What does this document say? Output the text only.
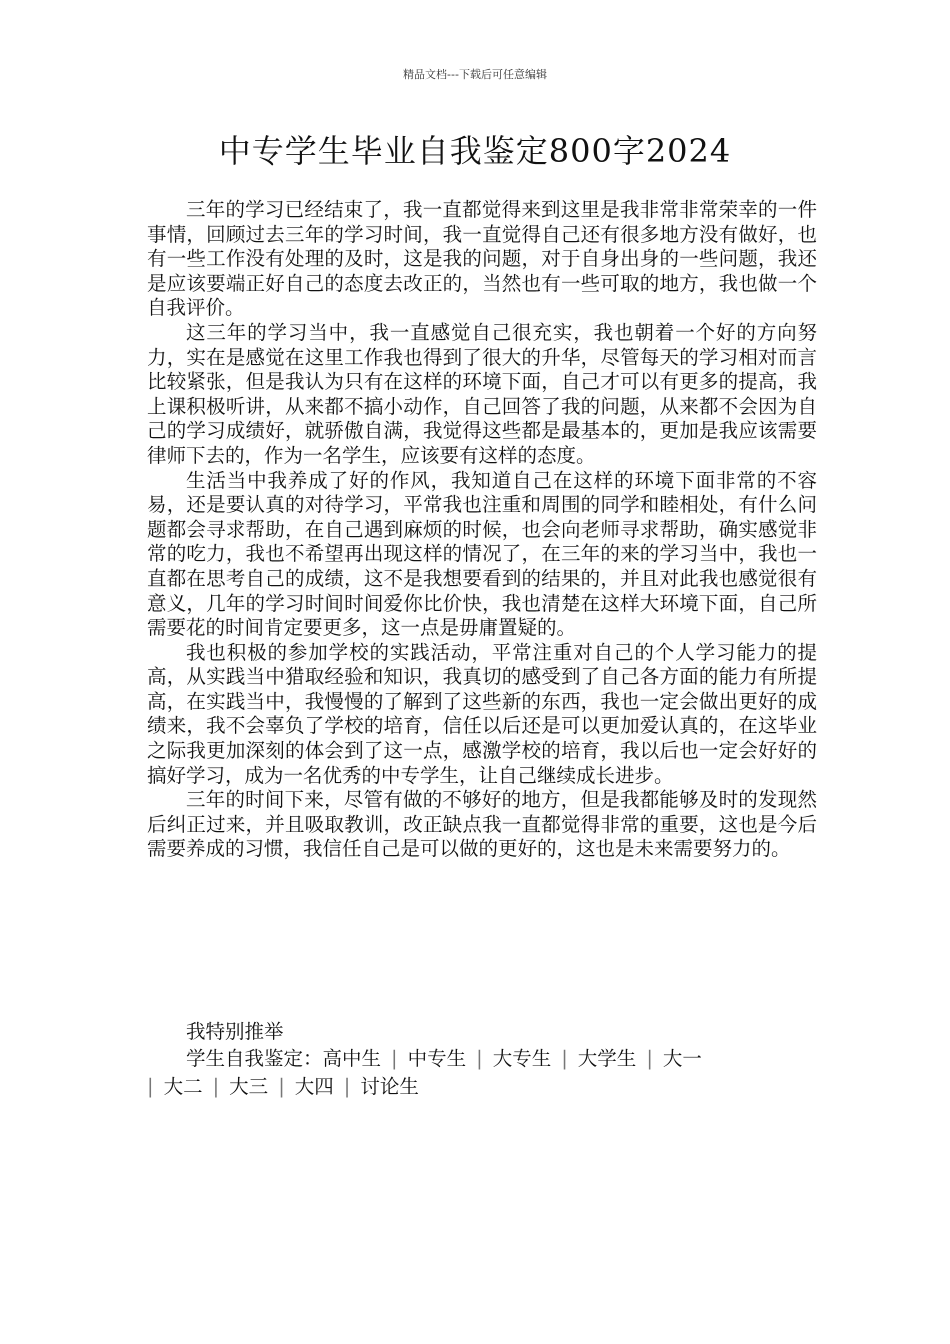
精品文档---下载后可任意编辑
中专学生毕业自我鉴定800字2024

三年的学习已经结束了，我一直都觉得来到这里是我非常非常荣幸的一件事情，回顾过去三年的学习时间，我一直觉得自己还有很多地方没有做好，也有一些工作没有处理的及时，这是我的问题，对于自身出身的一些问题，我还是应该要端正好自己的态度去改正的，当然也有一些可取的地方，我也做一个自我评价。

这三年的学习当中，我一直感觉自己很充实，我也朝着一个好的方向努力，实在是感觉在这里工作我也得到了很大的升华，尽管每天的学习相对而言比较紧张，但是我认为只有在这样的环境下面，自己才可以有更多的提高，我上课积极听讲，从来都不搞小动作，自己回答了我的问题，从来都不会因为自己的学习成绩好，就骄傲自满，我觉得这些都是最基本的，更加是我应该需要律师下去的，作为一名学生，应该要有这样的态度。

生活当中我养成了好的作风，我知道自己在这样的环境下面非常的不容易，还是要认真的对待学习，平常我也注重和周围的同学和睦相处，有什么问题都会寻求帮助，在自己遇到麻烦的时候，也会向老师寻求帮助，确实感觉非常的吃力，我也不希望再出现这样的情况了，在三年的来的学习当中，我也一直都在思考自己的成绩，这不是我想要看到的结果的，并且对此我也感觉很有意义，几年的学习时间时间爱你比价快，我也清楚在这样大环境下面，自己所需要花的时间肯定要更多，这一点是毋庸置疑的。

我也积极的参加学校的实践活动，平常注重对自己的个人学习能力的提高，从实践当中猎取经验和知识，我真切的感受到了自己各方面的能力有所提高，在实践当中，我慢慢的了解到了这些新的东西，我也一定会做出更好的成绩来，我不会辜负了学校的培育，信任以后还是可以更加爱认真的，在这毕业之际我更加深刻的体会到了这一点，感激学校的培育，我以后也一定会好好的搞好学习，成为一名优秀的中专学生，让自己继续成长进步。

三年的时间下来，尽管有做的不够好的地方，但是我都能够及时的发现然后纠正过来，并且吸取教训，改正缺点我一直都觉得非常的重要，这也是今后需要养成的习惯，我信任自己是可以做的更好的，这也是未来需要努力的。

我特别推举

学生自我鉴定：高中生 | 中专生 | 大专生 | 大学生 | 大一
| 大二 | 大三 | 大四 | 讨论生
